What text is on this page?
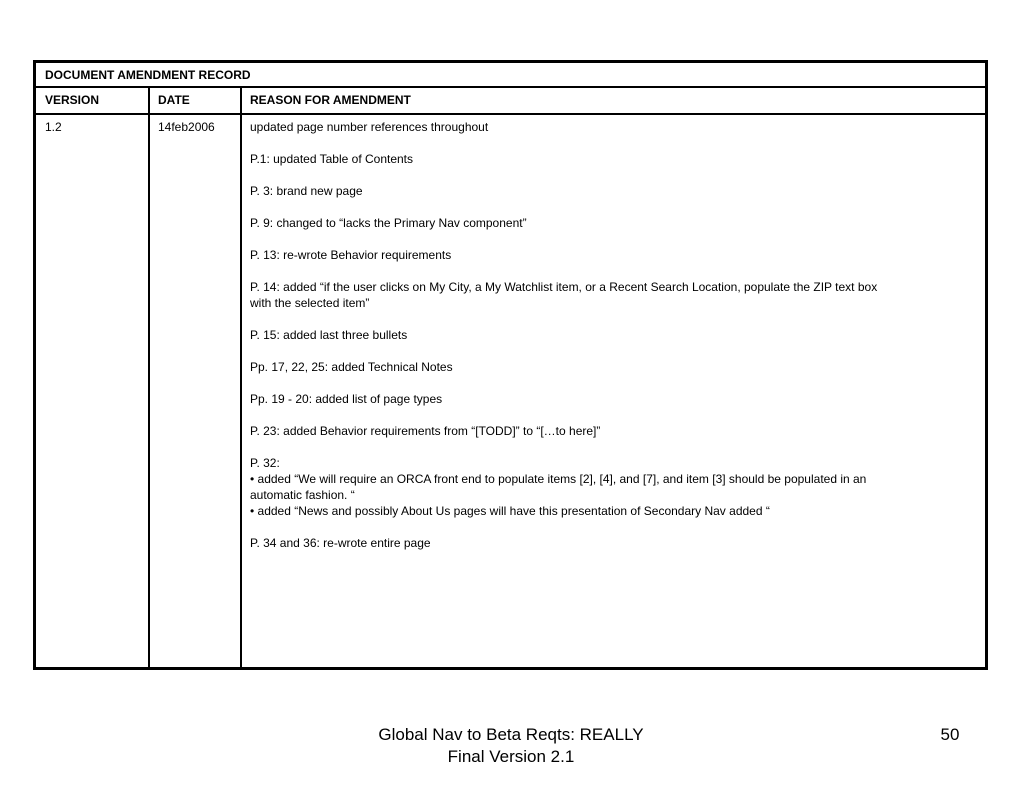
DOCUMENT AMENDMENT RECORD
VERSION	DATE	REASON FOR AMENDMENT
1.2	14feb2006	updated page number references throughout
P.1: updated Table of Contents
P. 3: brand new page
P. 9: changed to “lacks the Primary Nav component”
P. 13: re-wrote Behavior requirements
P. 14: added “if the user clicks on My City, a My Watchlist item, or a Recent Search Location, populate the ZIP text box
with the selected item”
P. 15: added last three bullets
Pp. 17, 22, 25: added Technical Notes
Pp. 19 - 20: added list of page types
P. 23: added Behavior requirements from “[TODD]” to “[…to here]”
P. 32:
• added “We will require an ORCA front end to populate items [2], [4], and [7], and item [3] should be populated in an
automatic fashion. “
• added “News and possibly About Us pages will have this presentation of Secondary Nav added “
P. 34 and 36: re-wrote entire page
Global Nav to Beta Reqts: REALLY
Final Version 2.1
50
